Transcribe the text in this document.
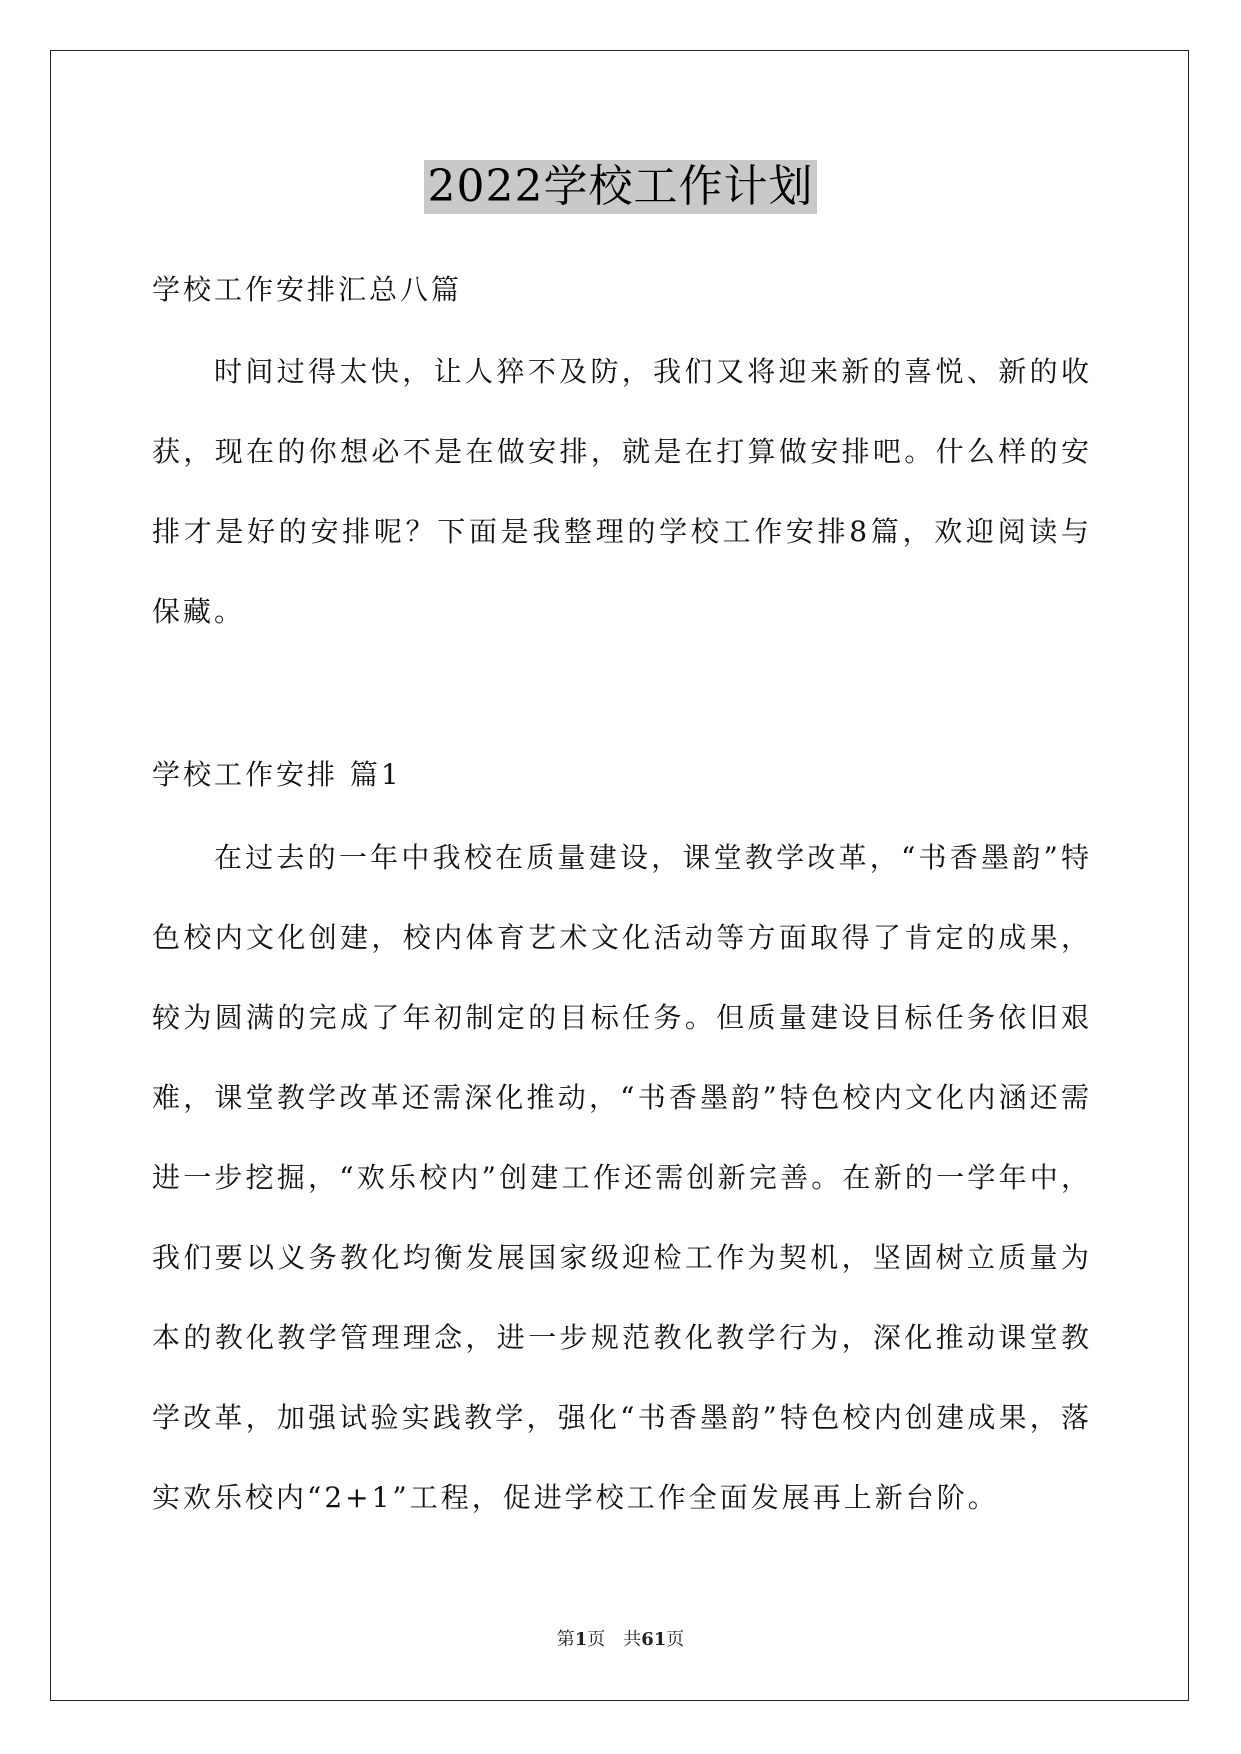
2022学校工作计划
学校工作安排汇总八篇

时间过得太快，让人猝不及防，我们又将迎来新的喜悦、新的收获，现在的你想必不是在做安排，就是在打算做安排吧。什么样的安排才是好的安排呢？下面是我整理的学校工作安排8篇，欢迎阅读与保藏。

学校工作安排 篇1

在过去的一年中我校在质量建设，课堂教学改革，“书香墨韵”特色校内文化创建，校内体育艺术文化活动等方面取得了肯定的成果，较为圆满的完成了年初制定的目标任务。但质量建设目标任务依旧艰难，课堂教学改革还需深化推动，“书香墨韵”特色校内文化内涵还需进一步挖掘，“欢乐校内”创建工作还需创新完善。在新的一学年中，我们要以义务教化均衡发展国家级迎检工作为契机，坚固树立质量为本的教化教学管理理念，进一步规范教化教学行为，深化推动课堂教学改革，加强试验实践教学，强化“书香墨韵”特色校内创建成果，落实欢乐校内“2+1”工程，促进学校工作全面发展再上新台阶。

第1页　共61页
